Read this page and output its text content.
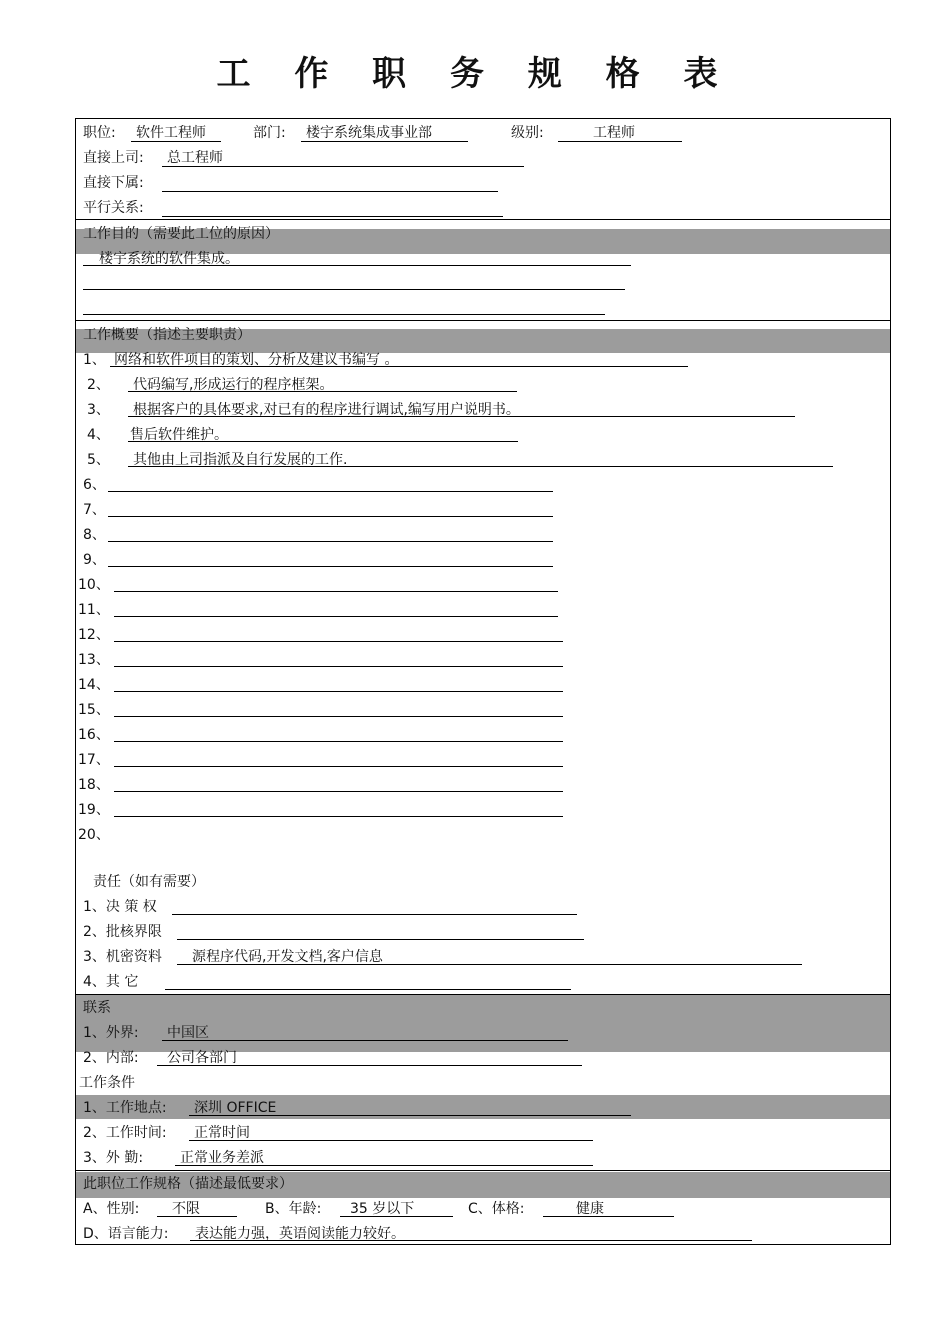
工 作 职 务 规 格 表
职位: 软件工程师	部门: 楼宇系统集成事业部	级别:	工程师
直接上司: 总工程师
直接下属:
平行关系:
工作目的（需要此工位的原因）
楼宇系统的软件集成。
工作概要（指述主要职责）
1、 网络和软件项目的策划、分析及建议书编写 。
2、 代码编写,形成运行的程序框架。
3、 根据客户的具体要求,对已有的程序进行调试,编写用户说明书。
4、 售后软件维护。
5、 其他由上司指派及自行发展的工作.
6、
7、
8、
9、
10、
11、
12、
13、
14、
15、
16、
17、
18、
19、
20、
责任（如有需要）
1、决 策 权
2、批核界限
3、机密资料 源程序代码,开发文档,客户信息
4、其 它
联系
1、外界: 中国区
2、内部: 公司各部门
工作条件
1、工作地点: 深圳 OFFICE
2、工作时间: 正常时间
3、外 勤:	正常业务差派
此职位工作规格（描述最低要求）
A、性别: 不限	B、年龄: 35 岁以下	C、体格:	健康
D、语言能力: 表达能力强，英语阅读能力较好。
